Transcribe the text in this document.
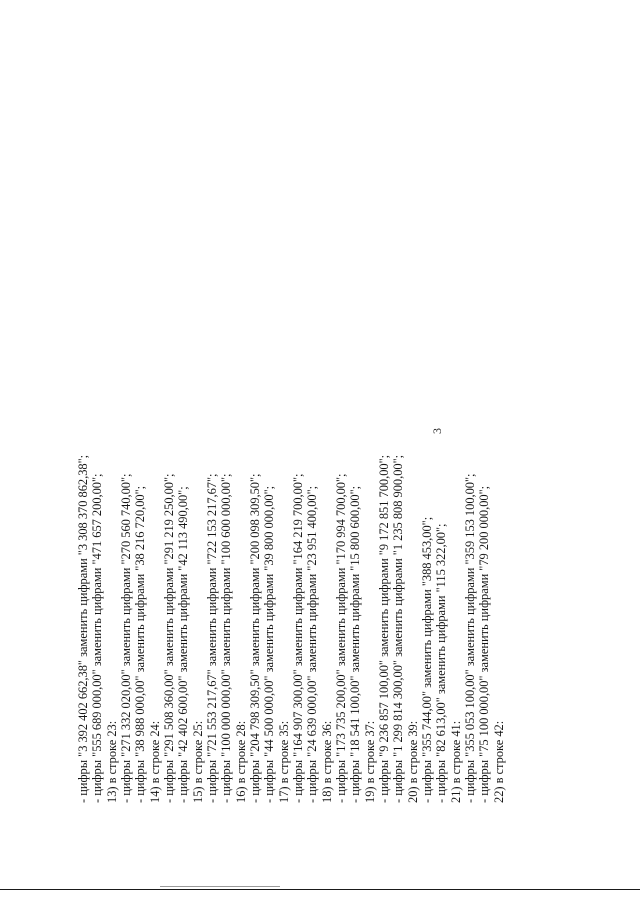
3
- цифры "3 392 402 662,38" заменить цифрами "3 308 370 862,38"; - цифры "555 689 000,00" заменить цифрами "471 657 200,00"; 13) в строке 23: - цифры "271 332 020,00" заменить цифрами "270 560 740,00"; - цифры "38 988 000,00" заменить цифрами "38 216 720,00"; 14) в строке 24: - цифры "291 508 360,00" заменить цифрами "291 219 250,00"; - цифры "42 402 600,00" заменить цифрами "42 113 490,00"; 15) в строке 25: - цифры "721 553 217,67" заменить цифрами "722 153 217,67"; - цифры "100 000 000,00" заменить цифрами "100 600 000,00"; 16) в строке 28: - цифры "204 798 309,50" заменить цифрами "200 098 309,50"; - цифры "44 500 000,00" заменить цифрами "39 800 000,00"; 17) в строке 35: - цифры "164 907 300,00" заменить цифрами "164 219 700,00"; - цифры "24 639 000,00" заменить цифрами "23 951 400,00"; 18) в строке 36: - цифры "173 735 200,00" заменить цифрами "170 994 700,00"; - цифры "18 541 100,00" заменить цифрами "15 800 600,00"; 19) в строке 37: - цифры "9 236 857 100,00" заменить цифрами "9 172 851 700,00"; - цифры "1 299 814 300,00" заменить цифрами "1 235 808 900,00"; 20) в строке 39: - цифры "355 744,00" заменить цифрами "388 453,00"; - цифры "82 613,00" заменить цифрами "115 322,00"; 21) в строке 41: - цифры "355 053 100,00" заменить цифрами "359 153 100,00"; - цифры "75 100 000,00" заменить цифрами "79 200 000,00"; 22) в строке 42:
